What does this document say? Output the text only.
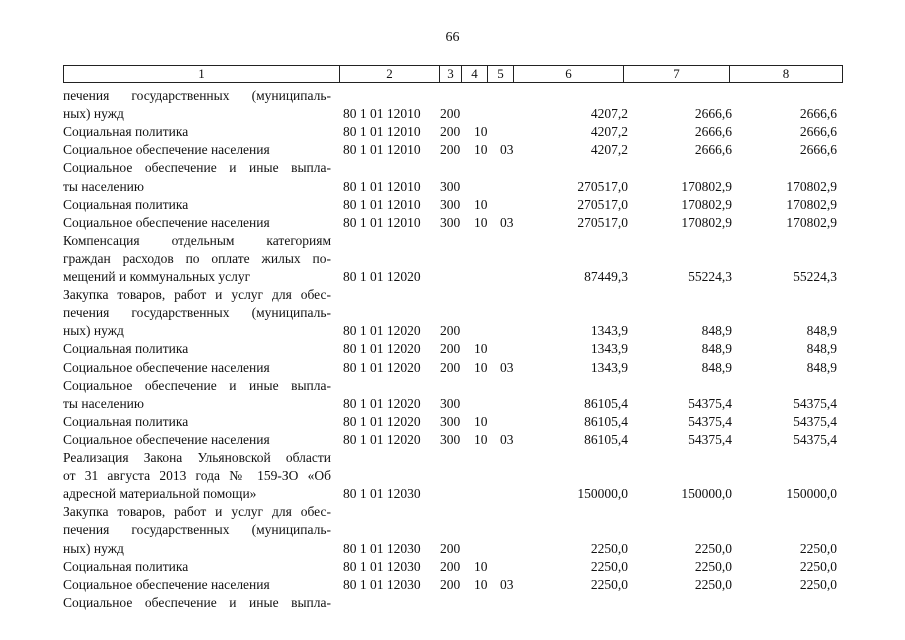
66
1	2	3	4	5	6	7	8
печения государственных (муниципаль-
ных) нужд	80 1 01 12010 200	4207,2	2666,6	2666,6
Социальная политика	80 1 01 12010 200 10	4207,2	2666,6	2666,6
Социальное обеспечение населения	80 1 01 12010 200 10 03	4207,2	2666,6	2666,6
Социальное обеспечение и иные выпла-
ты населению	80 1 01 12010 300	270517,0	170802,9	170802,9
Социальная политика	80 1 01 12010 300 10	270517,0	170802,9	170802,9
Социальное обеспечение населения	80 1 01 12010 300 10 03	270517,0	170802,9	170802,9
Компенсация отдельным категориям
граждан расходов по оплате жилых по-
мещений и коммунальных услуг	80 1 01 12020	87449,3	55224,3	55224,3
Закупка товаров, работ и услуг для обес-
печения государственных (муниципаль-
ных) нужд	80 1 01 12020 200	1343,9	848,9	848,9
Социальная политика	80 1 01 12020 200 10	1343,9	848,9	848,9
Социальное обеспечение населения	80 1 01 12020 200 10 03	1343,9	848,9	848,9
Социальное обеспечение и иные выпла-
ты населению	80 1 01 12020 300	86105,4	54375,4	54375,4
Социальная политика	80 1 01 12020 300 10	86105,4	54375,4	54375,4
Социальное обеспечение населения	80 1 01 12020 300 10 03	86105,4	54375,4	54375,4
Реализация Закона Ульяновской области
от 31 августа 2013 года № 159-ЗО «Об
адресной материальной помощи»	80 1 01 12030	150000,0	150000,0	150000,0
Закупка товаров, работ и услуг для обес-
печения государственных (муниципаль-
ных) нужд	80 1 01 12030 200	2250,0	2250,0	2250,0
Социальная политика	80 1 01 12030 200 10	2250,0	2250,0	2250,0
Социальное обеспечение населения	80 1 01 12030 200 10 03	2250,0	2250,0	2250,0
Социальное обеспечение и иные выпла-
